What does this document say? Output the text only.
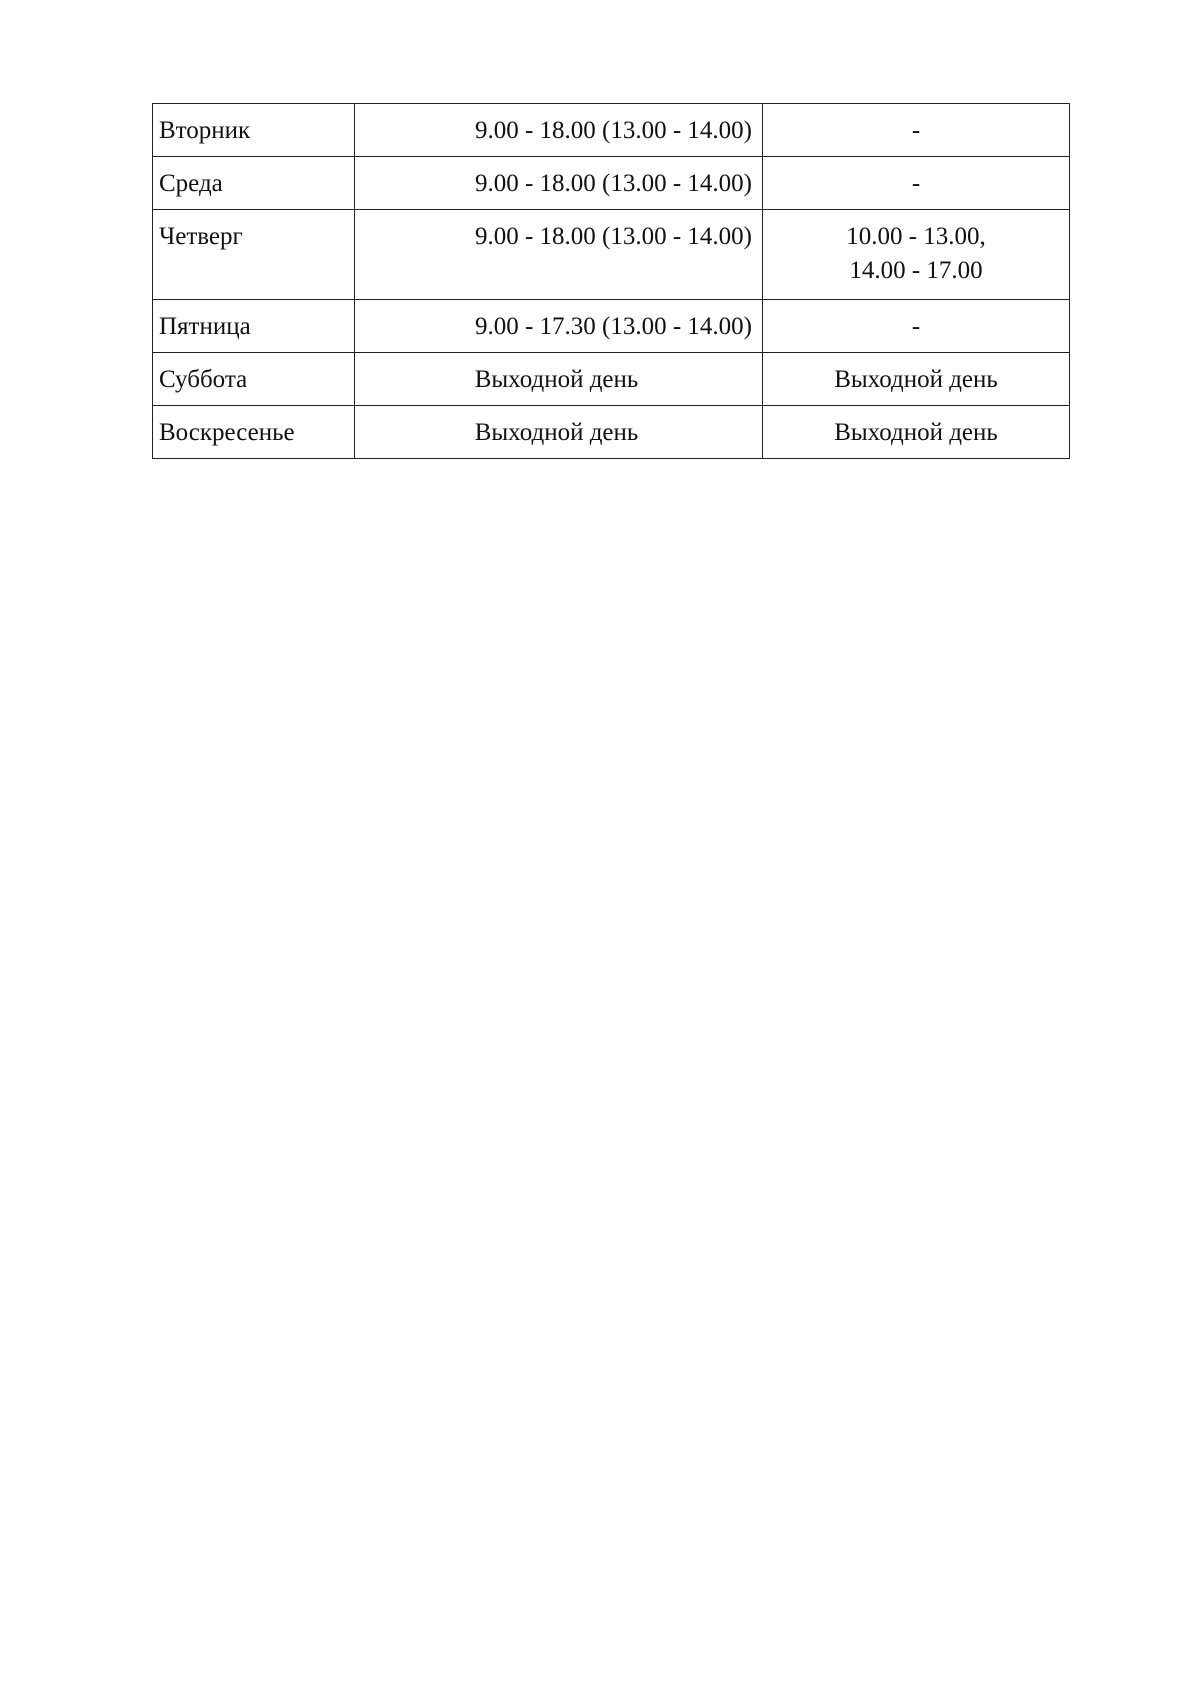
Вторник	9.00 - 18.00 (13.00 - 14.00)	-
Среда	9.00 - 18.00 (13.00 - 14.00)	-
Четверг	9.00 - 18.00 (13.00 - 14.00)	10.00 - 13.00,
14.00 - 17.00

Пятница	9.00 - 17.30 (13.00 - 14.00)	-
Суббота	Выходной день	Выходной день
Воскресенье	Выходной день	Выходной день
